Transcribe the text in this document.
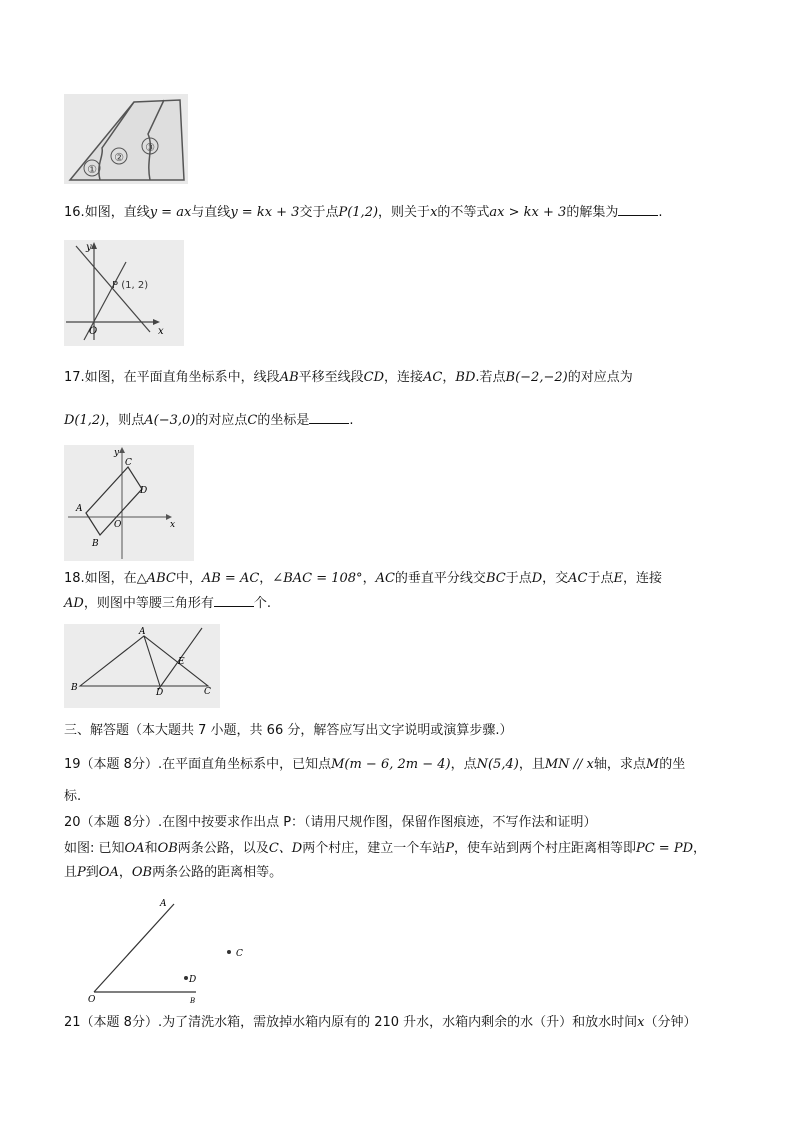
①
②
③
16.如图，直线y = ax与直线y = kx + 3交于点P(1,2)，则关于x的不等式ax > kx + 3的解集为	.
y
x
O
P (1, 2)
17.如图，在平面直角坐标系中，线段AB平移至线段CD，连接AC，BD.若点B(−2,−2)的对应点为
D(1,2)，则点A(−3,0)的对应点C的坐标是	.
y
x
A
B
C
D
O
18.如图，在△ABC中，AB = AC，∠BAC = 108°，AC的垂直平分线交BC于点D，交AC于点E，连接
AD，则图中等腰三角形有	个.
A
B	C
D
E
三、解答题（本大题共 7 小题，共 66 分，解答应写出文字说明或演算步骤.）
19（本题 8分）.在平面直角坐标系中，已知点M(m − 6, 2m − 4)，点N(5,4)，且MN // x轴，求点M的坐
标.
20（本题 8分）.在图中按要求作出点 P：（请用尺规作图，保留作图痕迹，不写作法和证明）
如图: 已知OA和OB两条公路，以及C、D两个村庄，建立一个车站P，使车站到两个村庄距离相等即PC = PD，
且P到OA，OB两条公路的距离相等。
A
O	B
C
D
21（本题 8分）.为了清洗水箱，需放掉水箱内原有的 210 升水，水箱内剩余的水（升）和放水时间x（分钟）
